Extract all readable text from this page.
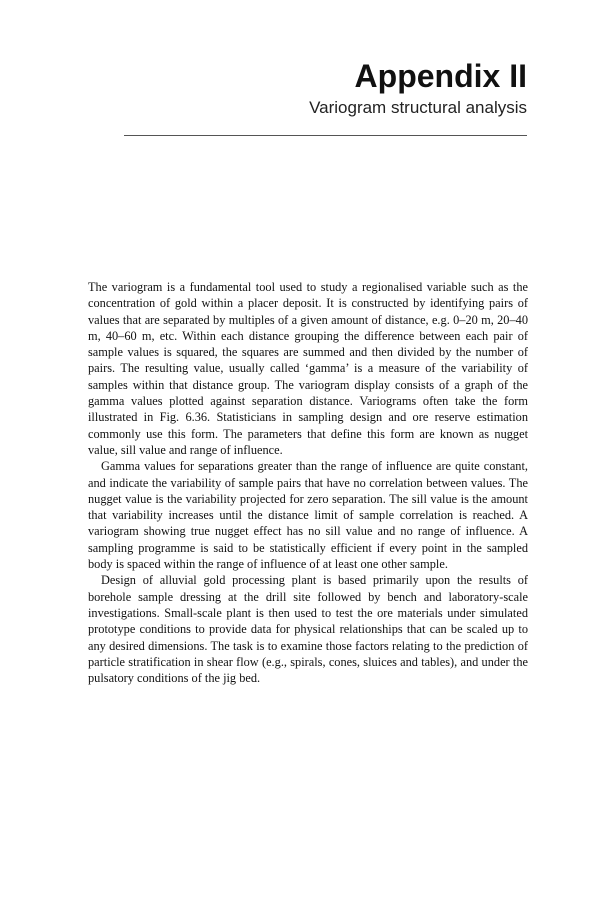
Appendix II
Variogram structural analysis

The variogram is a fundamental tool used to study a regionalised variable such as the concentration of gold within a placer deposit. It is constructed by identifying pairs of values that are separated by multiples of a given amount of distance, e.g. 0–20 m, 20–40 m, 40–60 m, etc. Within each distance grouping the difference between each pair of sample values is squared, the squares are summed and then divided by the number of pairs. The resulting value, usually called ‘gamma’ is a measure of the variability of samples within that distance group. The variogram display consists of a graph of the gamma values plotted against separation distance. Variograms often take the form illustrated in Fig. 6.36. Statisticians in sampling design and ore reserve estimation commonly use this form. The parameters that define this form are known as nugget value, sill value and range of influence.

Gamma values for separations greater than the range of influence are quite constant, and indicate the variability of sample pairs that have no correlation between values. The nugget value is the variability projected for zero separation. The sill value is the amount that variability increases until the distance limit of sample correlation is reached. A variogram showing true nugget effect has no sill value and no range of influence. A sampling programme is said to be statistically efficient if every point in the sampled body is spaced within the range of influence of at least one other sample.

Design of alluvial gold processing plant is based primarily upon the results of borehole sample dressing at the drill site followed by bench and laboratory-scale investigations. Small-scale plant is then used to test the ore materials under simulated prototype conditions to provide data for physical relationships that can be scaled up to any desired dimensions. The task is to examine those factors relating to the prediction of particle stratification in shear flow (e.g., spirals, cones, sluices and tables), and under the pulsatory conditions of the jig bed.
